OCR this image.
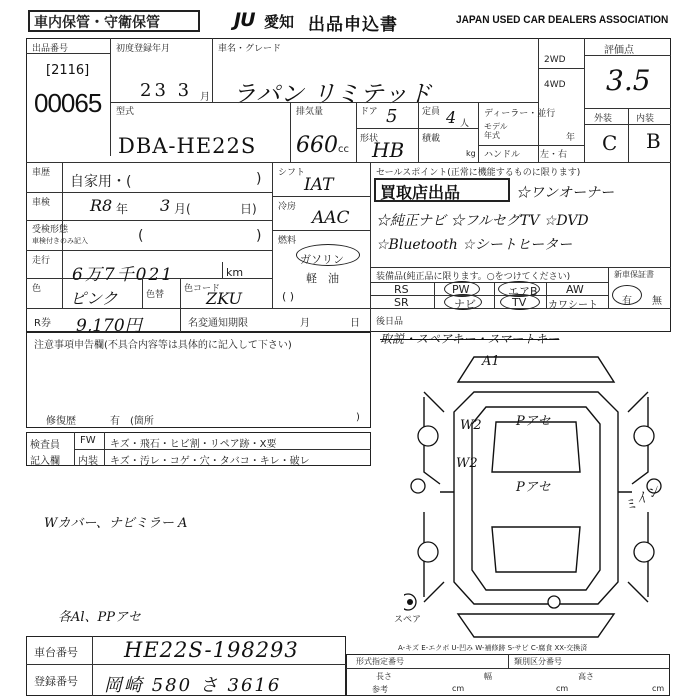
車内保管・守衛保管	JU 愛知 出品申込書	JAPAN USED CAR DEALERS ASSOCIATION
出品番号
[2116]
00065
初度登録年月
23 3 月
車名・グレード
ラパン リミテッド
2WD
4WD
評価点
3.5
外装	内装
C B
型式
DBA-HE22S
排気量
660 cc
ドア 5	定員 4 人
形状
HB 積載
kg
ディーラー・並行
モデル
年式	年
ハンドル 左・右
車歴
自家用・(	)
車検 R8 年 3 月(	日)
受検形態
車検付きのみ記入	(	)
走行
6万7千021	km
色 ピンク	色替
色コード
ZKU
シフト
IAT
冷房
AAC
燃料
ガソリン
軽　油
( )
セールスポイント(正常に機能するものに限ります)
買取店出品	☆ワンオーナー
☆純正ナビ ☆フルセグTV ☆DVD
☆Bluetooth ☆シートヒーター
装備品(純正品に限ります。○をつけてください)
RS	PW	エアB	AW
SR	ナビ	TV カワシート
新車保証書
有 無
R券 9,170円	名変通知期限	月	日 後日品
取説・スペアキー・スマートキー
注意事項申告欄(不具合内容等は具体的に記入して下さい)
修復歴	有　(箇所	)
検査員
記入欄
FW キズ・飛石・ヒビ割・リペア跡・X要
内装 キズ・汚レ・コゲ・穴・タバコ・キレ・破レ
Wカバー、ナビミラー A
各Al、PPアセ
A1
W2
W2
Pアセ
Pアセ	ミイン
スペア
A-キズ E-エクボ U-凹み W-補修跡 S-サビ C-腐食 XX-交換済
車台番号 HE22S-198293
登録番号 岡崎 580 さ 3616
形式指定番号	類別区分番号
長さ	幅	高さ
参考	cm	cm	cm
